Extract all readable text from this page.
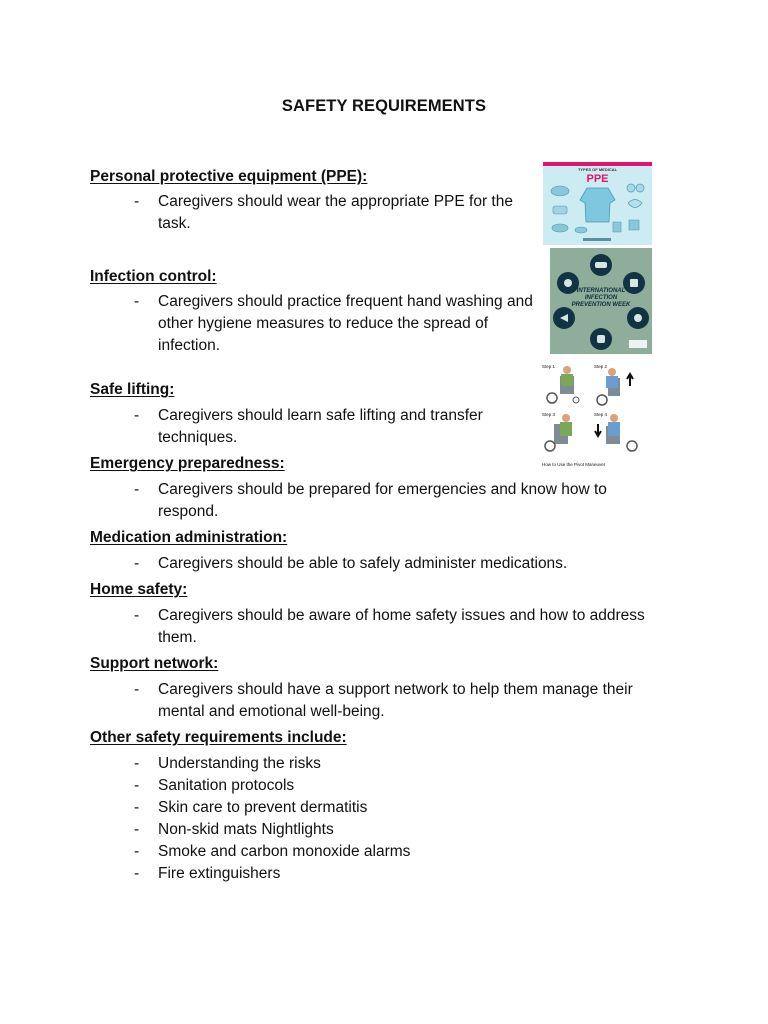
SAFETY REQUIREMENTS
Personal protective equipment (PPE):
- Caregivers should wear the appropriate PPE for the task.
Infection control:
- Caregivers should practice frequent hand washing and other hygiene measures to reduce the spread of infection.
Safe lifting:
- Caregivers should learn safe lifting and transfer techniques.
Emergency preparedness:
- Caregivers should be prepared for emergencies and know how to respond.
Medication administration:
- Caregivers should be able to safely administer medications.
Home safety:
- Caregivers should be aware of home safety issues and how to address them.
Support network:
- Caregivers should have a support network to help them manage their mental and emotional well-being.
Other safety requirements include:
- Understanding the risks
- Sanitation protocols
- Skin care to prevent dermatitis
- Non-skid mats Nightlights
- Smoke and carbon monoxide alarms
- Fire extinguishers
TYPES OF MEDICAL
PPE
INTERNATIONAL INFECTION PREVENTION WEEK
Step 1	Step 2
Step 3	Step 4
How to Use the Pivot Maneuver
